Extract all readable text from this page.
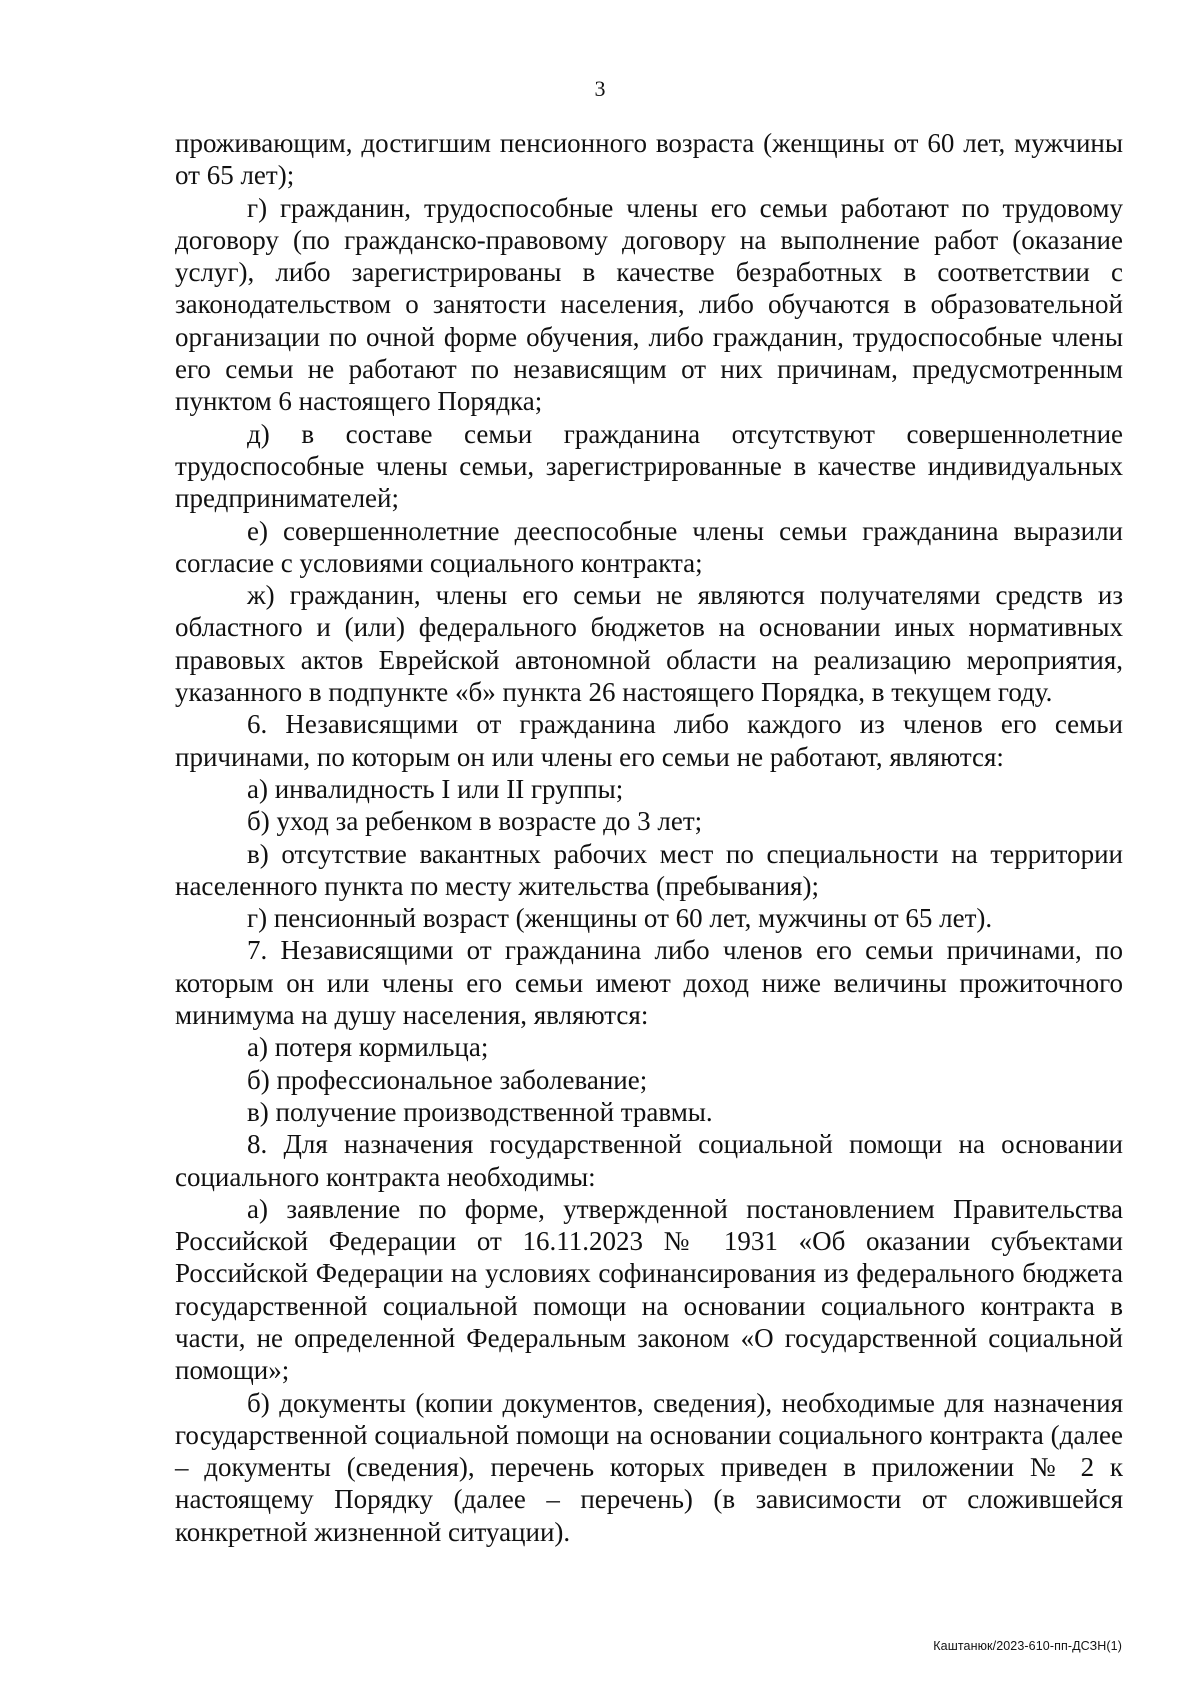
3

проживающим, достигшим пенсионного возраста (женщины от 60 лет, мужчины от 65 лет);

г) гражданин, трудоспособные члены его семьи работают по трудовому договору (по гражданско-правовому договору на выполнение работ (оказание услуг), либо зарегистрированы в качестве безработных в соответствии с законодательством о занятости населения, либо обучаются в образовательной организации по очной форме обучения, либо гражданин, трудоспособные члены его семьи не работают по независящим от них причинам, предусмотренным пунктом 6 настоящего Порядка;

д) в составе семьи гражданина отсутствуют совершеннолетние трудоспособные члены семьи, зарегистрированные в качестве индивидуальных предпринимателей;

е) совершеннолетние дееспособные члены семьи гражданина выразили согласие с условиями социального контракта;

ж) гражданин, члены его семьи не являются получателями средств из областного и (или) федерального бюджетов на основании иных нормативных правовых актов Еврейской автономной области на реализацию мероприятия, указанного в подпункте «б» пункта 26 настоящего Порядка, в текущем году.

6. Независящими от гражданина либо каждого из членов его семьи причинами, по которым он или члены его семьи не работают, являются:

а) инвалидность I или II группы;

б) уход за ребенком в возрасте до 3 лет;

в) отсутствие вакантных рабочих мест по специальности на территории населенного пункта по месту жительства (пребывания);

г) пенсионный возраст (женщины от 60 лет, мужчины от 65 лет).

7. Независящими от гражданина либо членов его семьи причинами, по которым он или члены его семьи имеют доход ниже величины прожиточного минимума на душу населения, являются:

а) потеря кормильца;

б) профессиональное заболевание;

в) получение производственной травмы.

8. Для назначения государственной социальной помощи на основании социального контракта необходимы:

а) заявление по форме, утвержденной постановлением Правительства Российской Федерации от 16.11.2023 № 1931 «Об оказании субъектами Российской Федерации на условиях софинансирования из федерального бюджета государственной социальной помощи на основании социального контракта в части, не определенной Федеральным законом «О государственной социальной помощи»;

б) документы (копии документов, сведения), необходимые для назначения государственной социальной помощи на основании социального контракта (далее – документы (сведения), перечень которых приведен в приложении № 2 к настоящему Порядку (далее – перечень) (в зависимости от сложившейся конкретной жизненной ситуации).

Каштанюк/2023-610-пп-ДСЗН(1)
